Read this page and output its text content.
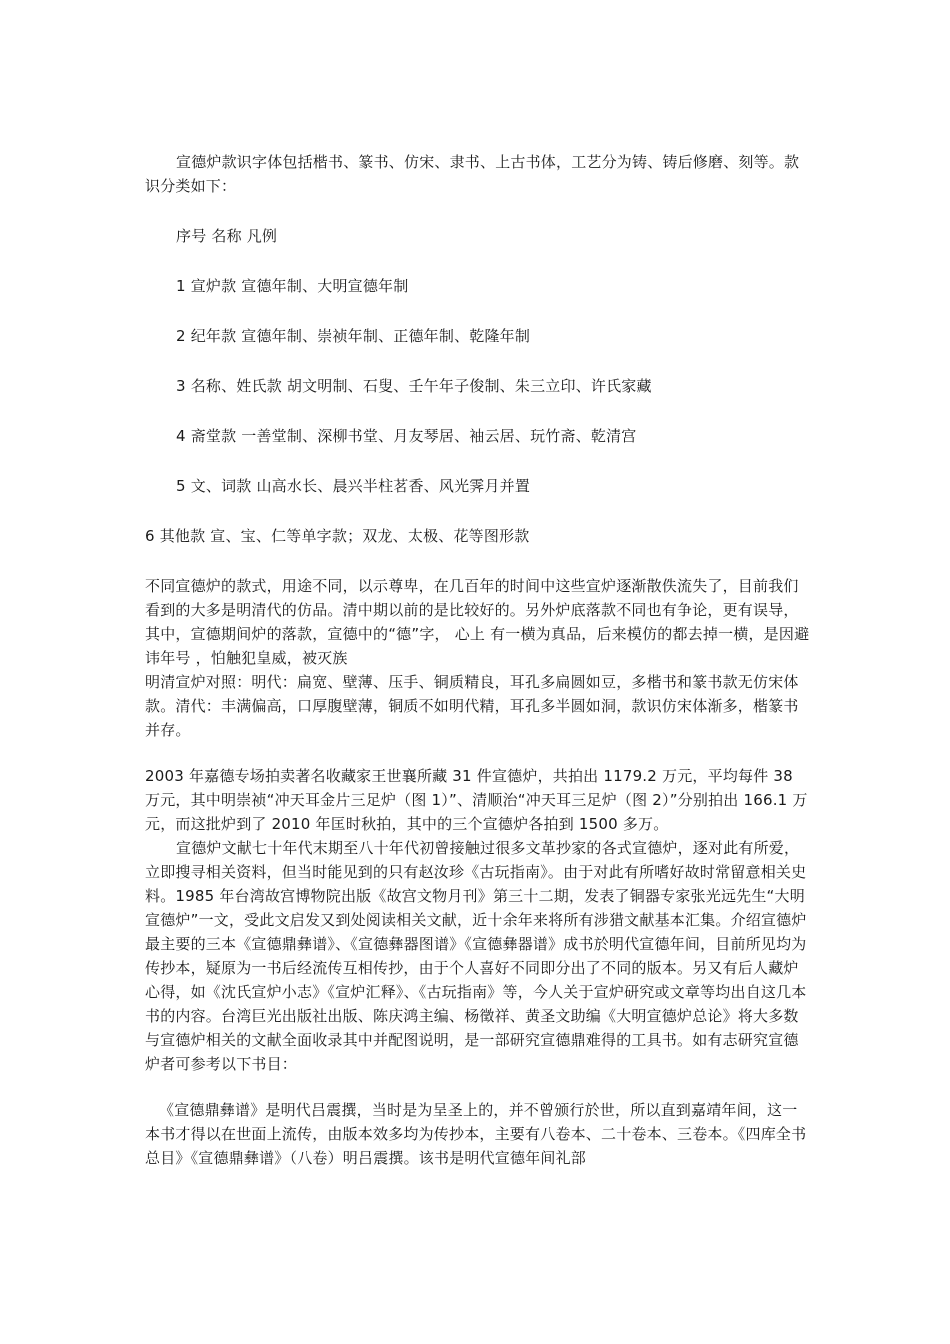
宣德炉款识字体包括楷书、篆书、仿宋、隶书、上古书体，工艺分为铸、铸后修磨、刻等。款识分类如下：

序号 名称 凡例

1 宣炉款 宣德年制、大明宣德年制

2 纪年款 宣德年制、崇祯年制、正德年制、乾隆年制

3 名称、姓氏款 胡文明制、石叟、壬午年子俊制、朱三立印、许氏家藏

4 斋堂款 一善堂制、深柳书堂、月友琴居、袖云居、玩竹斋、乾清宫

5 文、词款 山高水长、晨兴半柱茗香、风光霁月并置

6 其他款 宣、宝、仁等单字款；双龙、太极、花等图形款

不同宣德炉的款式，用途不同，以示尊卑，在几百年的时间中这些宣炉逐渐散佚流失了，目前我们看到的大多是明清代的仿品。清中期以前的是比较好的。另外炉底落款不同也有争论，更有误导，其中，宣德期间炉的落款，宣德中的“德”字， 心上 有一横为真品，后来模仿的都去掉一横，是因避讳年号 ，怕触犯皇威，被灭族

明清宣炉对照：明代：扁宽、壁薄、压手、铜质精良，耳孔多扁圆如豆，多楷书和篆书款无仿宋体款。清代：丰满偏高，口厚腹壁薄，铜质不如明代精，耳孔多半圆如洞，款识仿宋体渐多，楷篆书并存。

2003 年嘉德专场拍卖著名收藏家王世襄所藏 31 件宣德炉，共拍出 1179.2 万元，平均每件 38 万元，其中明崇祯“冲天耳金片三足炉（图 1）”、清顺治“冲天耳三足炉（图 2）”分别拍出 166.1 万元，而这批炉到了 2010 年匡时秋拍，其中的三个宣德炉各拍到 1500 多万。

宣德炉文献七十年代末期至八十年代初曾接触过很多文革抄家的各式宣德炉，逐对此有所爱，立即搜寻相关资料，但当时能见到的只有赵汝珍《古玩指南》。由于对此有所嗜好故时常留意相关史料。1985 年台湾故宫博物院出版《故宫文物月刊》第三十二期，发表了铜器专家张光远先生“大明宣德炉”一文，受此文启发又到处阅读相关文献，近十余年来将所有涉猎文献基本汇集。介绍宣德炉最主要的三本《宣德鼎彝谱》、《宣德彝器图谱》《宣德彝器谱》成书於明代宣德年间，目前所见均为传抄本，疑原为一书后经流传互相传抄，由于个人喜好不同即分出了不同的版本。另又有后人藏炉心得，如《沈氏宣炉小志》《宣炉汇释》、《古玩指南》等，今人关于宣炉研究或文章等均出自这几本书的内容。台湾巨光出版社出版、陈庆鸿主编、杨徵祥、黄圣文助编《大明宣德炉总论》将大多数与宣德炉相关的文献全面收录其中并配图说明，是一部研究宣德鼎难得的工具书。如有志研究宣德炉者可参考以下书目：

《宣德鼎彝谱》是明代吕震撰，当时是为呈圣上的，并不曾颁行於世，所以直到嘉靖年间，这一本书才得以在世面上流传，由版本效多均为传抄本，主要有八卷本、二十卷本、三卷本。《四库全书总目》《宣德鼎彝谱》（八卷）明吕震撰。该书是明代宣德年间礼部
